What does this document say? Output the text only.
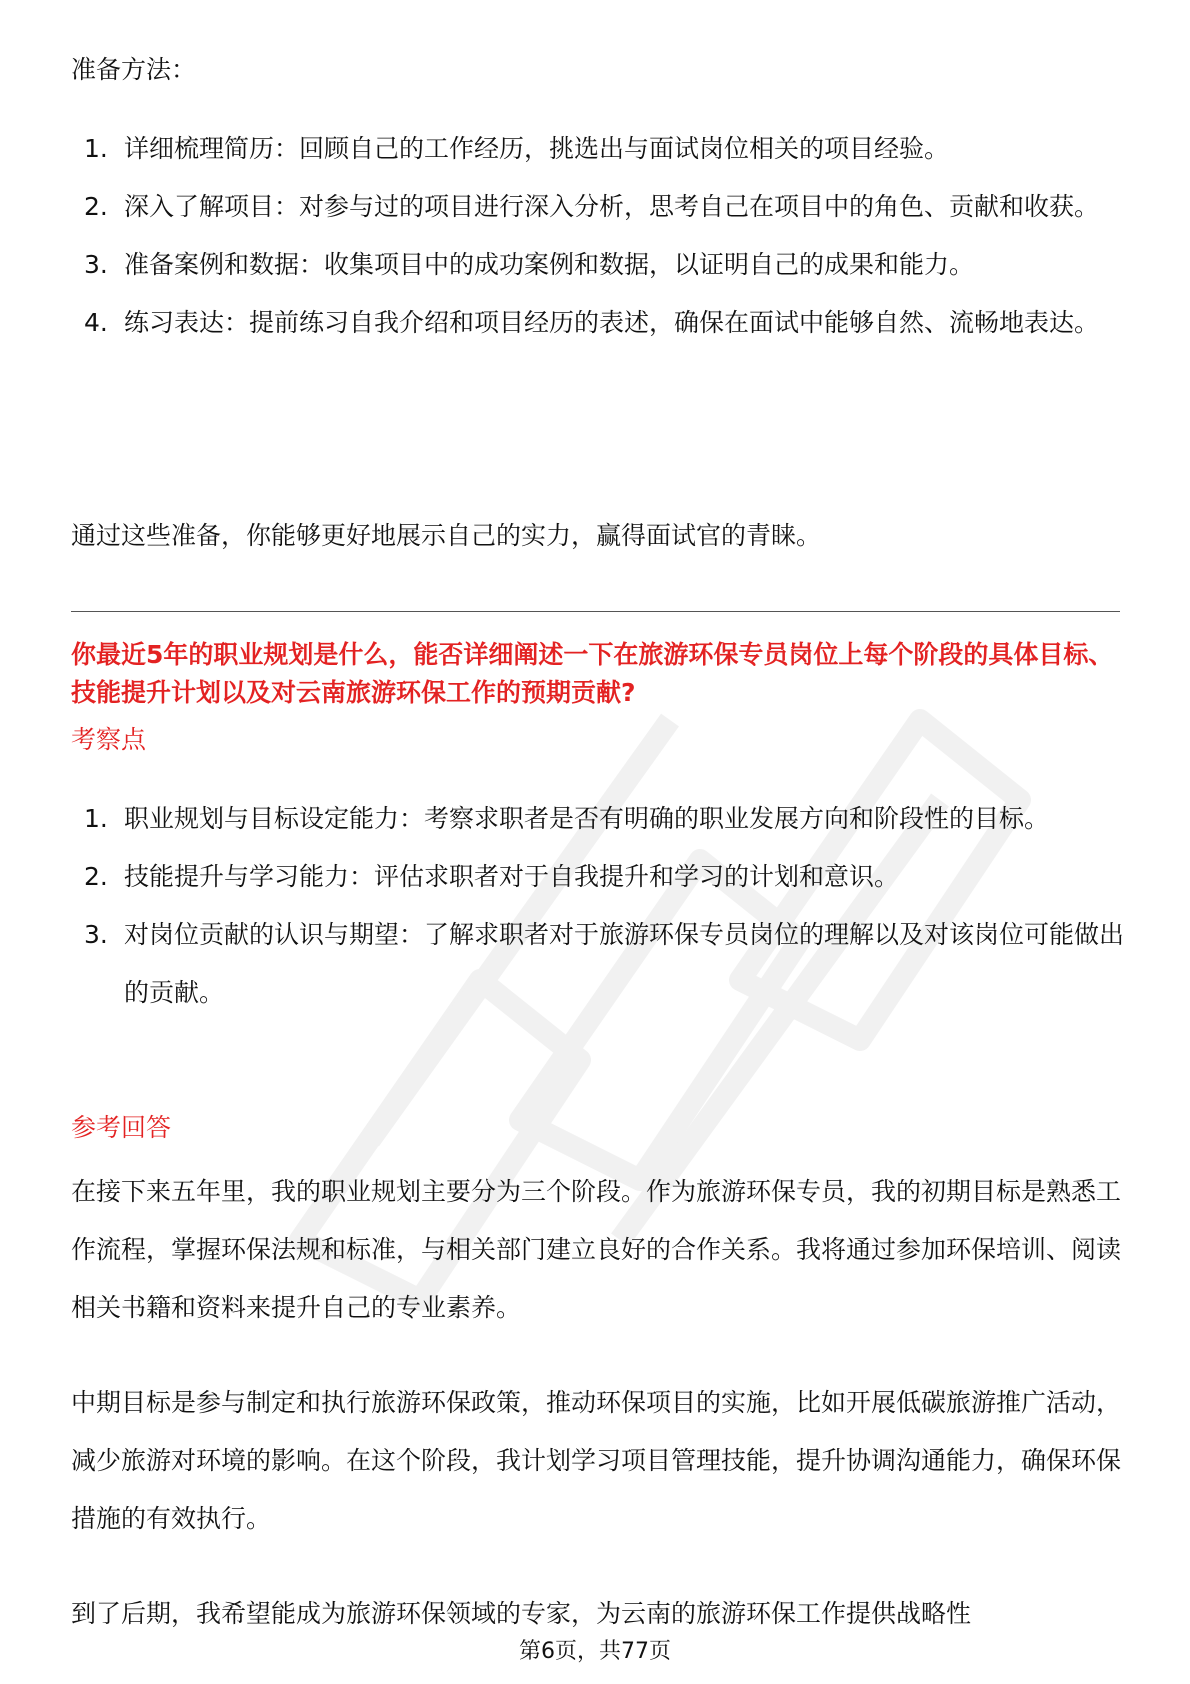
准备方法：

1. 详细梳理简历：回顾自己的工作经历，挑选出与面试岗位相关的项目经验。
2. 深入了解项目：对参与过的项目进行深入分析，思考自己在项目中的角色、贡献和收获。
3. 准备案例和数据：收集项目中的成功案例和数据，以证明自己的成果和能力。
4. 练习表达：提前练习自我介绍和项目经历的表述，确保在面试中能够自然、流畅地表达。

通过这些准备，你能够更好地展示自己的实力，赢得面试官的青睐。

你最近5年的职业规划是什么，能否详细阐述一下在旅游环保专员岗位上每个阶段的具体目标、技能提升计划以及对云南旅游环保工作的预期贡献?

考察点

1. 职业规划与目标设定能力：考察求职者是否有明确的职业发展方向和阶段性的目标。
2. 技能提升与学习能力：评估求职者对于自我提升和学习的计划和意识。
3. 对岗位贡献的认识与期望：了解求职者对于旅游环保专员岗位的理解以及对该岗位可能做出的贡献。

参考回答

在接下来五年里，我的职业规划主要分为三个阶段。作为旅游环保专员，我的初期目标是熟悉工作流程，掌握环保法规和标准，与相关部门建立良好的合作关系。我将通过参加环保培训、阅读相关书籍和资料来提升自己的专业素养。

中期目标是参与制定和执行旅游环保政策，推动环保项目的实施，比如开展低碳旅游推广活动，减少旅游对环境的影响。在这个阶段，我计划学习项目管理技能，提升协调沟通能力，确保环保措施的有效执行。

到了后期，我希望能成为旅游环保领域的专家，为云南的旅游环保工作提供战略性

第6页，共77页
